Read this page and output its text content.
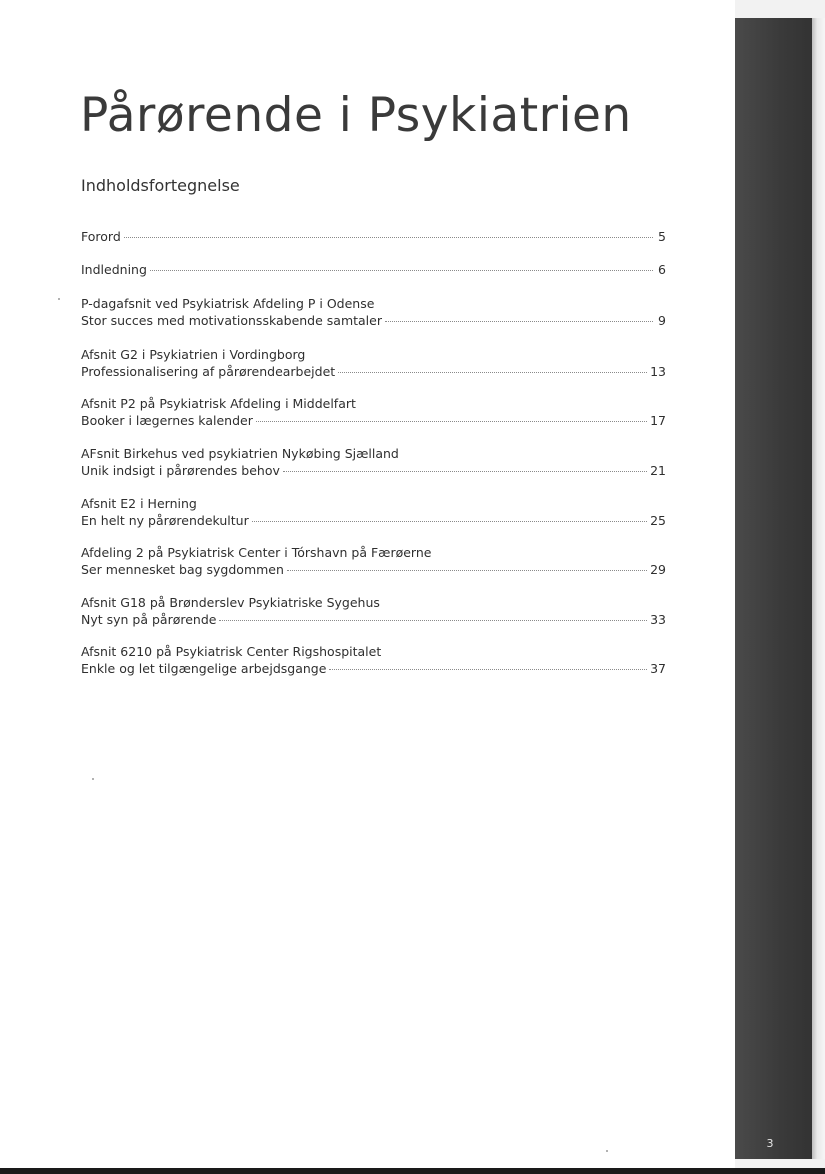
Pårørende i Psykiatrien
Indholdsfortegnelse
Forord	5
Indledning	6
P-dagafsnit ved Psykiatrisk Afdeling P i Odense
Stor succes med motivationsskabende samtaler	9
Afsnit G2 i Psykiatrien i Vordingborg
Professionalisering af pårørendearbejdet	13
Afsnit P2 på Psykiatrisk Afdeling i Middelfart
Booker i lægernes kalender	17
AFsnit Birkehus ved psykiatrien Nykøbing Sjælland
Unik indsigt i pårørendes behov	21
Afsnit E2 i Herning
En helt ny pårørendekultur	25
Afdeling 2 på Psykiatrisk Center i Tórshavn på Færøerne
Ser mennesket bag sygdommen	29
Afsnit G18 på Brønderslev Psykiatriske Sygehus
Nyt syn på pårørende	33
Afsnit 6210 på Psykiatrisk Center Rigshospitalet
Enkle og let tilgængelige arbejdsgange	37
3
